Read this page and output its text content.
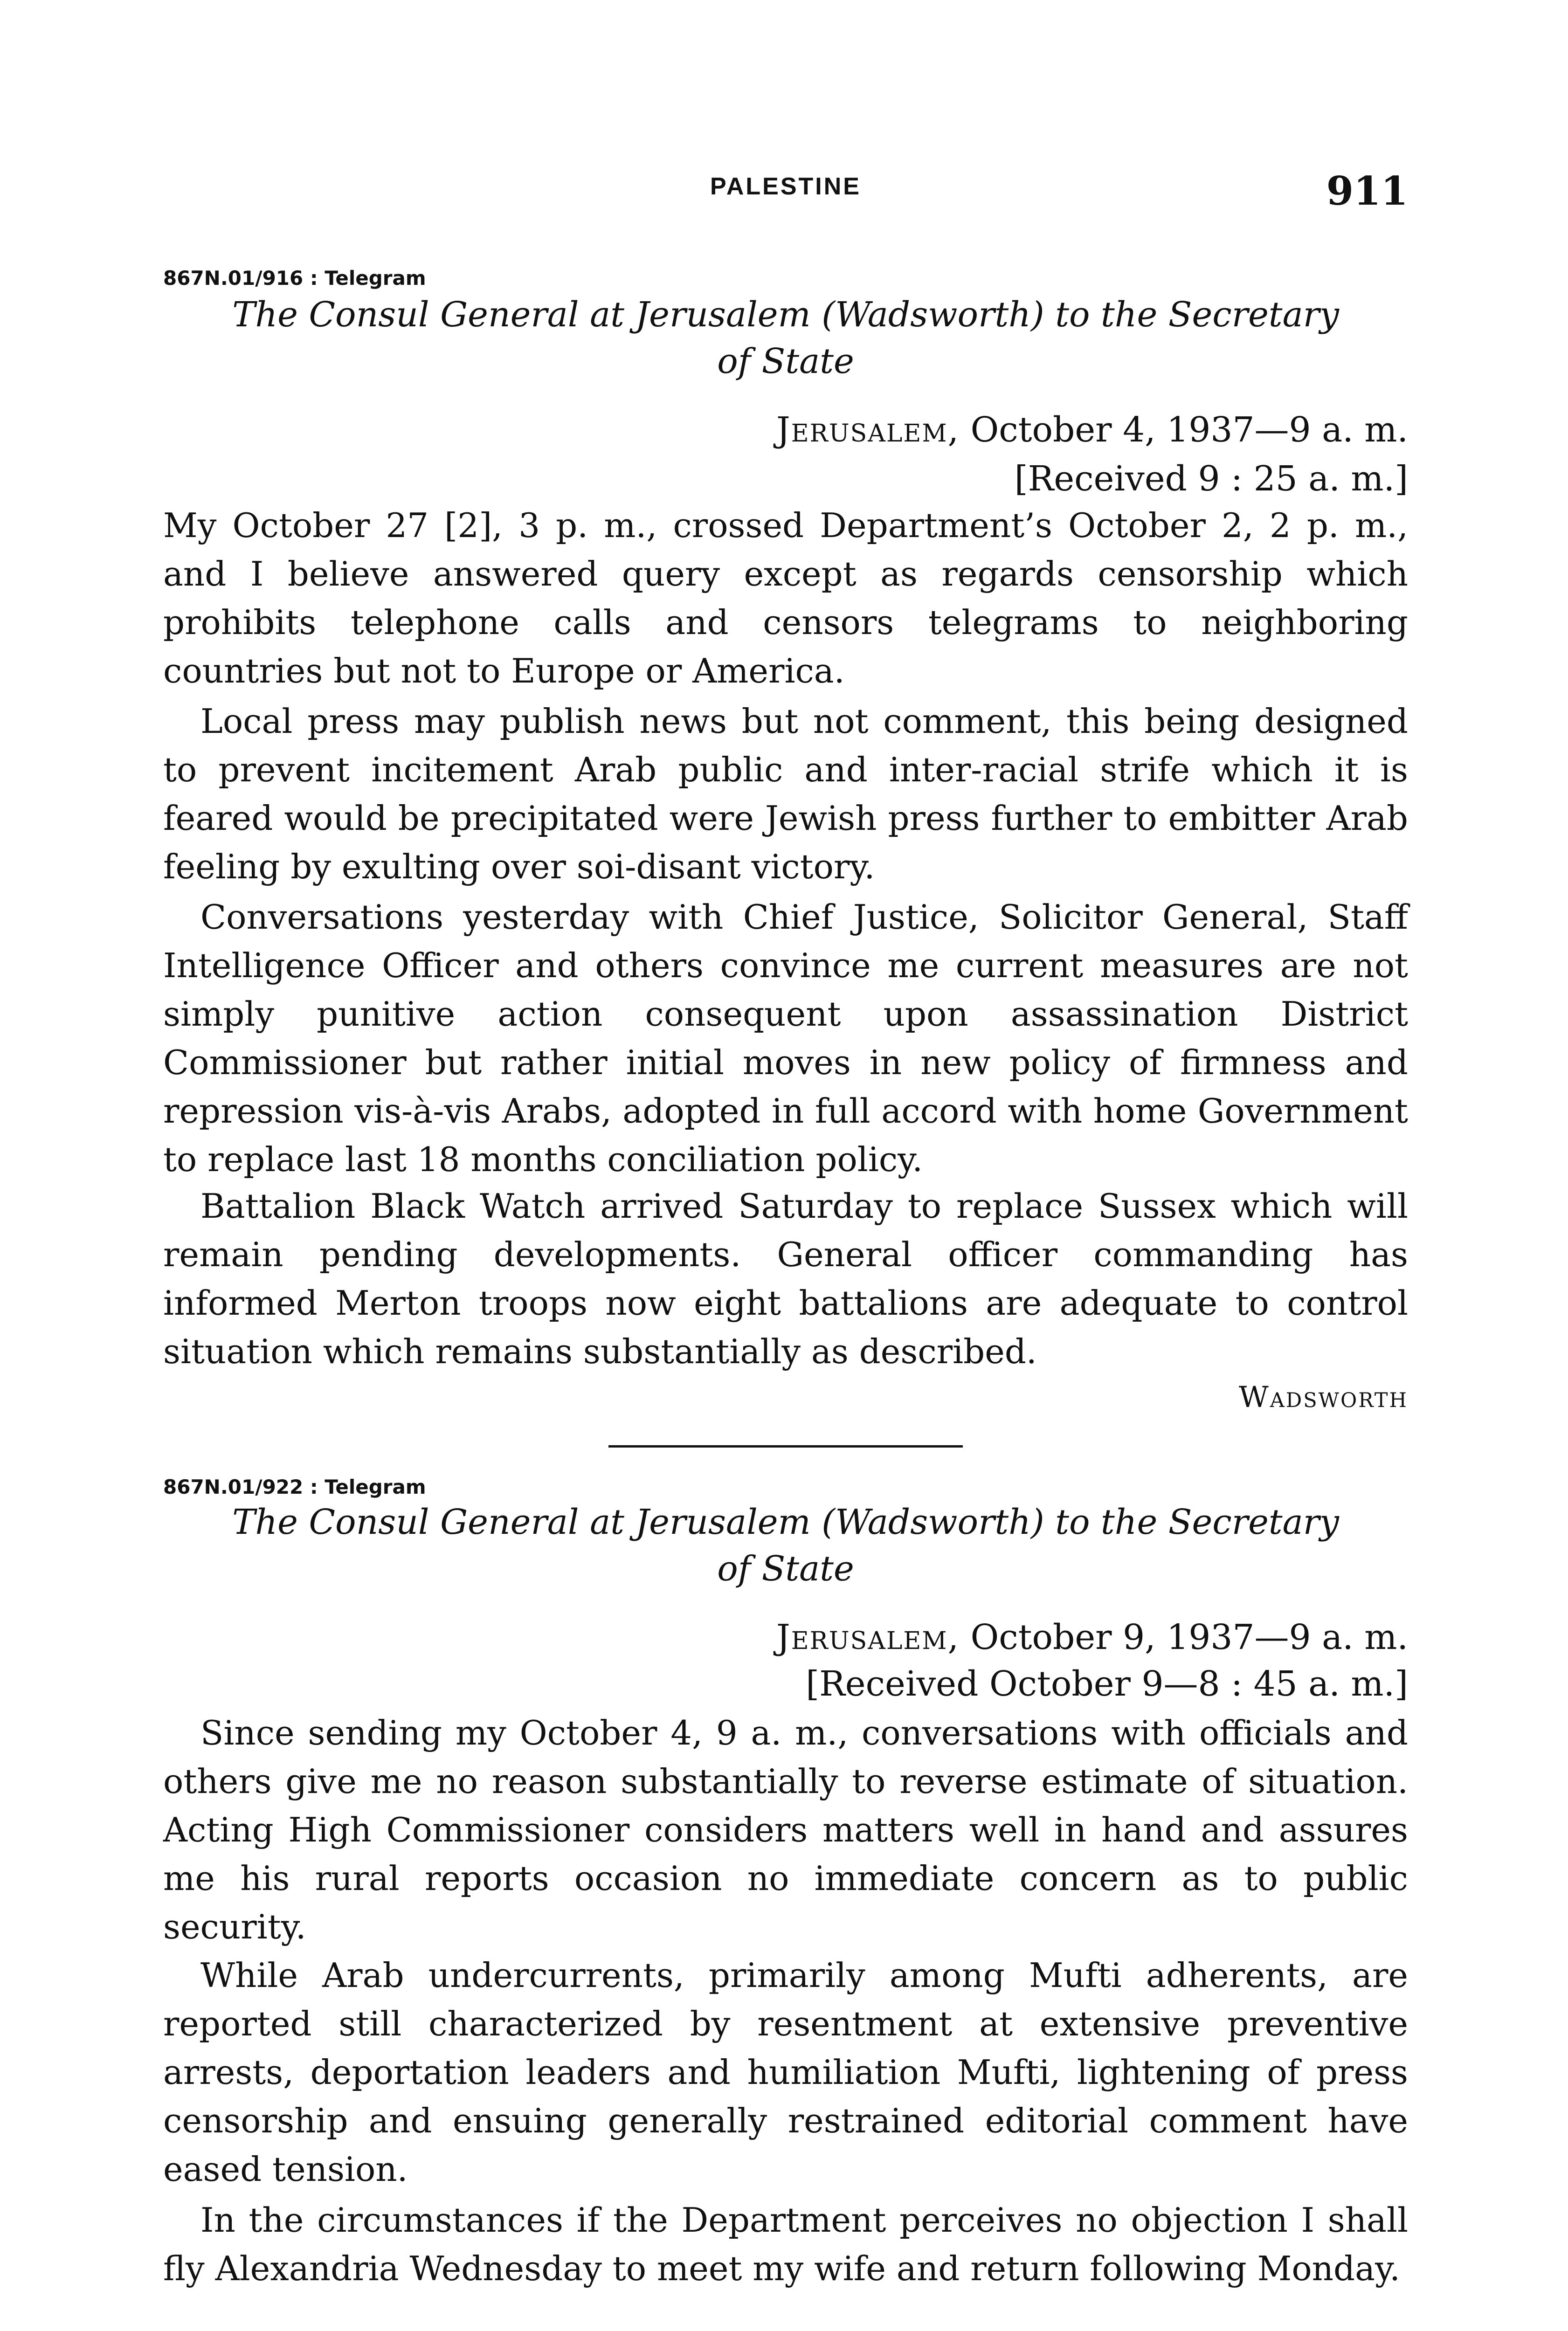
PALESTINE	911
867N.01/916 : Telegram
The Consul General at Jerusalem (Wadsworth) to the Secretary
of State
Jerusalem, October 4, 1937—9 a. m.
[Received 9 : 25 a. m.]
My October 27 [2], 3 p. m., crossed Department’s October 2, 2 p. m., and I believe answered query except as regards censorship which prohibits telephone calls and censors telegrams to neighboring countries but not to Europe or America.
Local press may publish news but not comment, this being designed to prevent incitement Arab public and inter-racial strife which it is feared would be precipitated were Jewish press further to embitter Arab feeling by exulting over soi-disant victory.
Conversations yesterday with Chief Justice, Solicitor General, Staff Intelligence Officer and others convince me current measures are not simply punitive action consequent upon assassination District Commissioner but rather initial moves in new policy of firmness and repression vis-à-vis Arabs, adopted in full accord with home Government to replace last 18 months conciliation policy.
Battalion Black Watch arrived Saturday to replace Sussex which will remain pending developments. General officer commanding has informed Merton troops now eight battalions are adequate to control situation which remains substantially as described.
Wadsworth
867N.01/922 : Telegram
The Consul General at Jerusalem (Wadsworth) to the Secretary
of State
Jerusalem, October 9, 1937—9 a. m.
[Received October 9—8 : 45 a. m.]
Since sending my October 4, 9 a. m., conversations with officials and others give me no reason substantially to reverse estimate of situation. Acting High Commissioner considers matters well in hand and assures me his rural reports occasion no immediate concern as to public security.
While Arab undercurrents, primarily among Mufti adherents, are reported still characterized by resentment at extensive preventive arrests, deportation leaders and humiliation Mufti, lightening of press censorship and ensuing generally restrained editorial comment have eased tension.
In the circumstances if the Department perceives no objection I shall fly Alexandria Wednesday to meet my wife and return following Monday.
